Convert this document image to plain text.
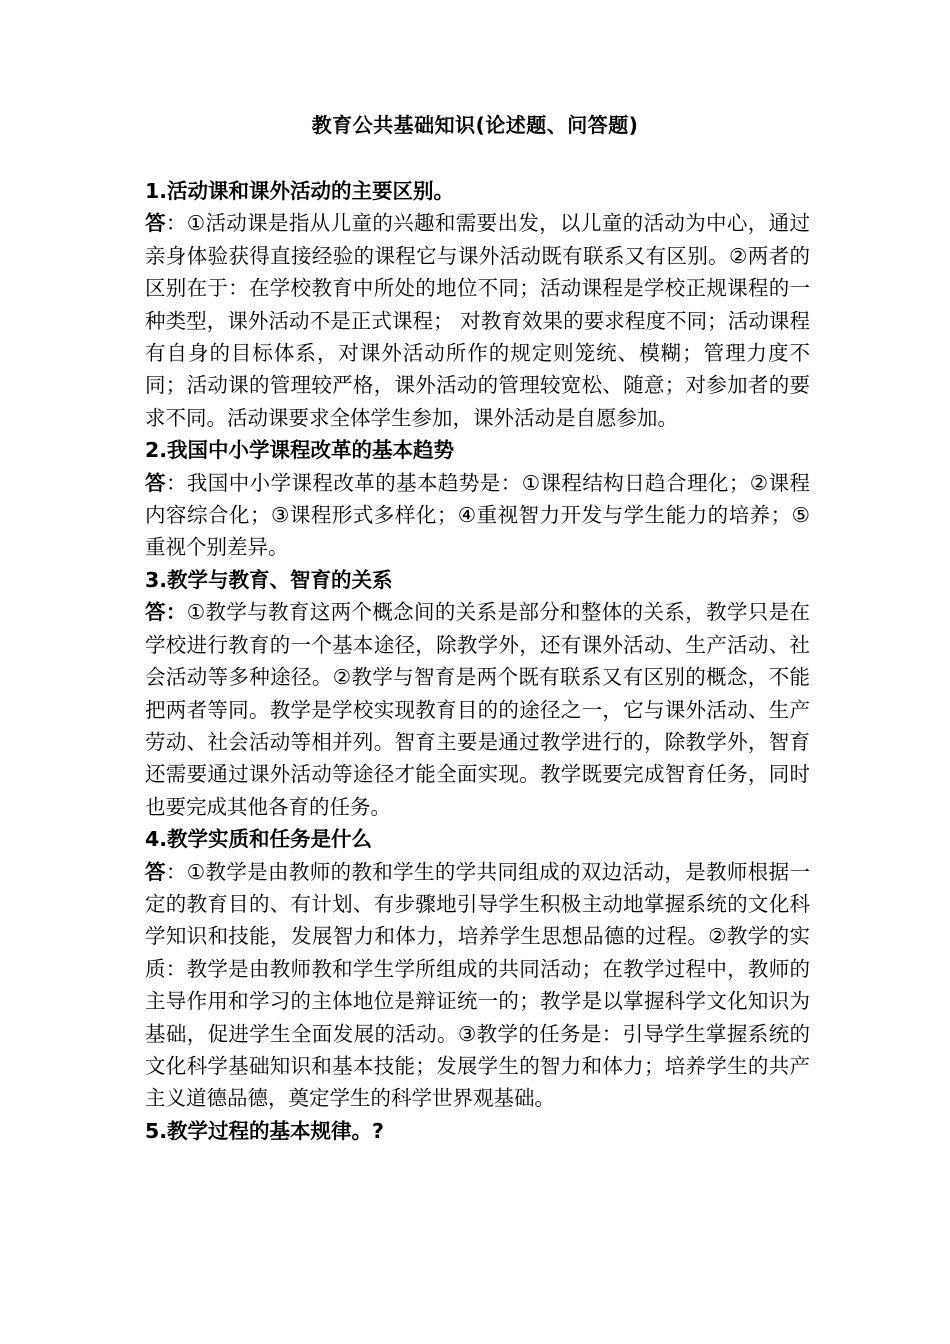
教育公共基础知识(论述题、问答题)

1.活动课和课外活动的主要区别。

答：①活动课是指从儿童的兴趣和需要出发，以儿童的活动为中心，通过亲身体验获得直接经验的课程它与课外活动既有联系又有区别。②两者的区别在于：在学校教育中所处的地位不同；活动课程是学校正规课程的一种类型，课外活动不是正式课程； 对教育效果的要求程度不同；活动课程有自身的目标体系，对课外活动所作的规定则笼统、模糊；管理力度不同；活动课的管理较严格，课外活动的管理较宽松、随意；对参加者的要求不同。活动课要求全体学生参加，课外活动是自愿参加。

2.我国中小学课程改革的基本趋势

答：我国中小学课程改革的基本趋势是：①课程结构日趋合理化；②课程内容综合化；③课程形式多样化；④重视智力开发与学生能力的培养；⑤重视个别差异。

3.教学与教育、智育的关系

答：①教学与教育这两个概念间的关系是部分和整体的关系，教学只是在学校进行教育的一个基本途径，除教学外，还有课外活动、生产活动、社会活动等多种途径。②教学与智育是两个既有联系又有区别的概念，不能把两者等同。教学是学校实现教育目的的途径之一，它与课外活动、生产劳动、社会活动等相并列。智育主要是通过教学进行的，除教学外，智育还需要通过课外活动等途径才能全面实现。教学既要完成智育任务，同时也要完成其他各育的任务。

4.教学实质和任务是什么

答：①教学是由教师的教和学生的学共同组成的双边活动，是教师根据一定的教育目的、有计划、有步骤地引导学生积极主动地掌握系统的文化科学知识和技能，发展智力和体力，培养学生思想品德的过程。②教学的实质：教学是由教师教和学生学所组成的共同活动；在教学过程中，教师的主导作用和学习的主体地位是辩证统一的；教学是以掌握科学文化知识为基础，促进学生全面发展的活动。③教学的任务是：引导学生掌握系统的文化科学基础知识和基本技能；发展学生的智力和体力；培养学生的共产主义道德品德，奠定学生的科学世界观基础。

5.教学过程的基本规律。?
